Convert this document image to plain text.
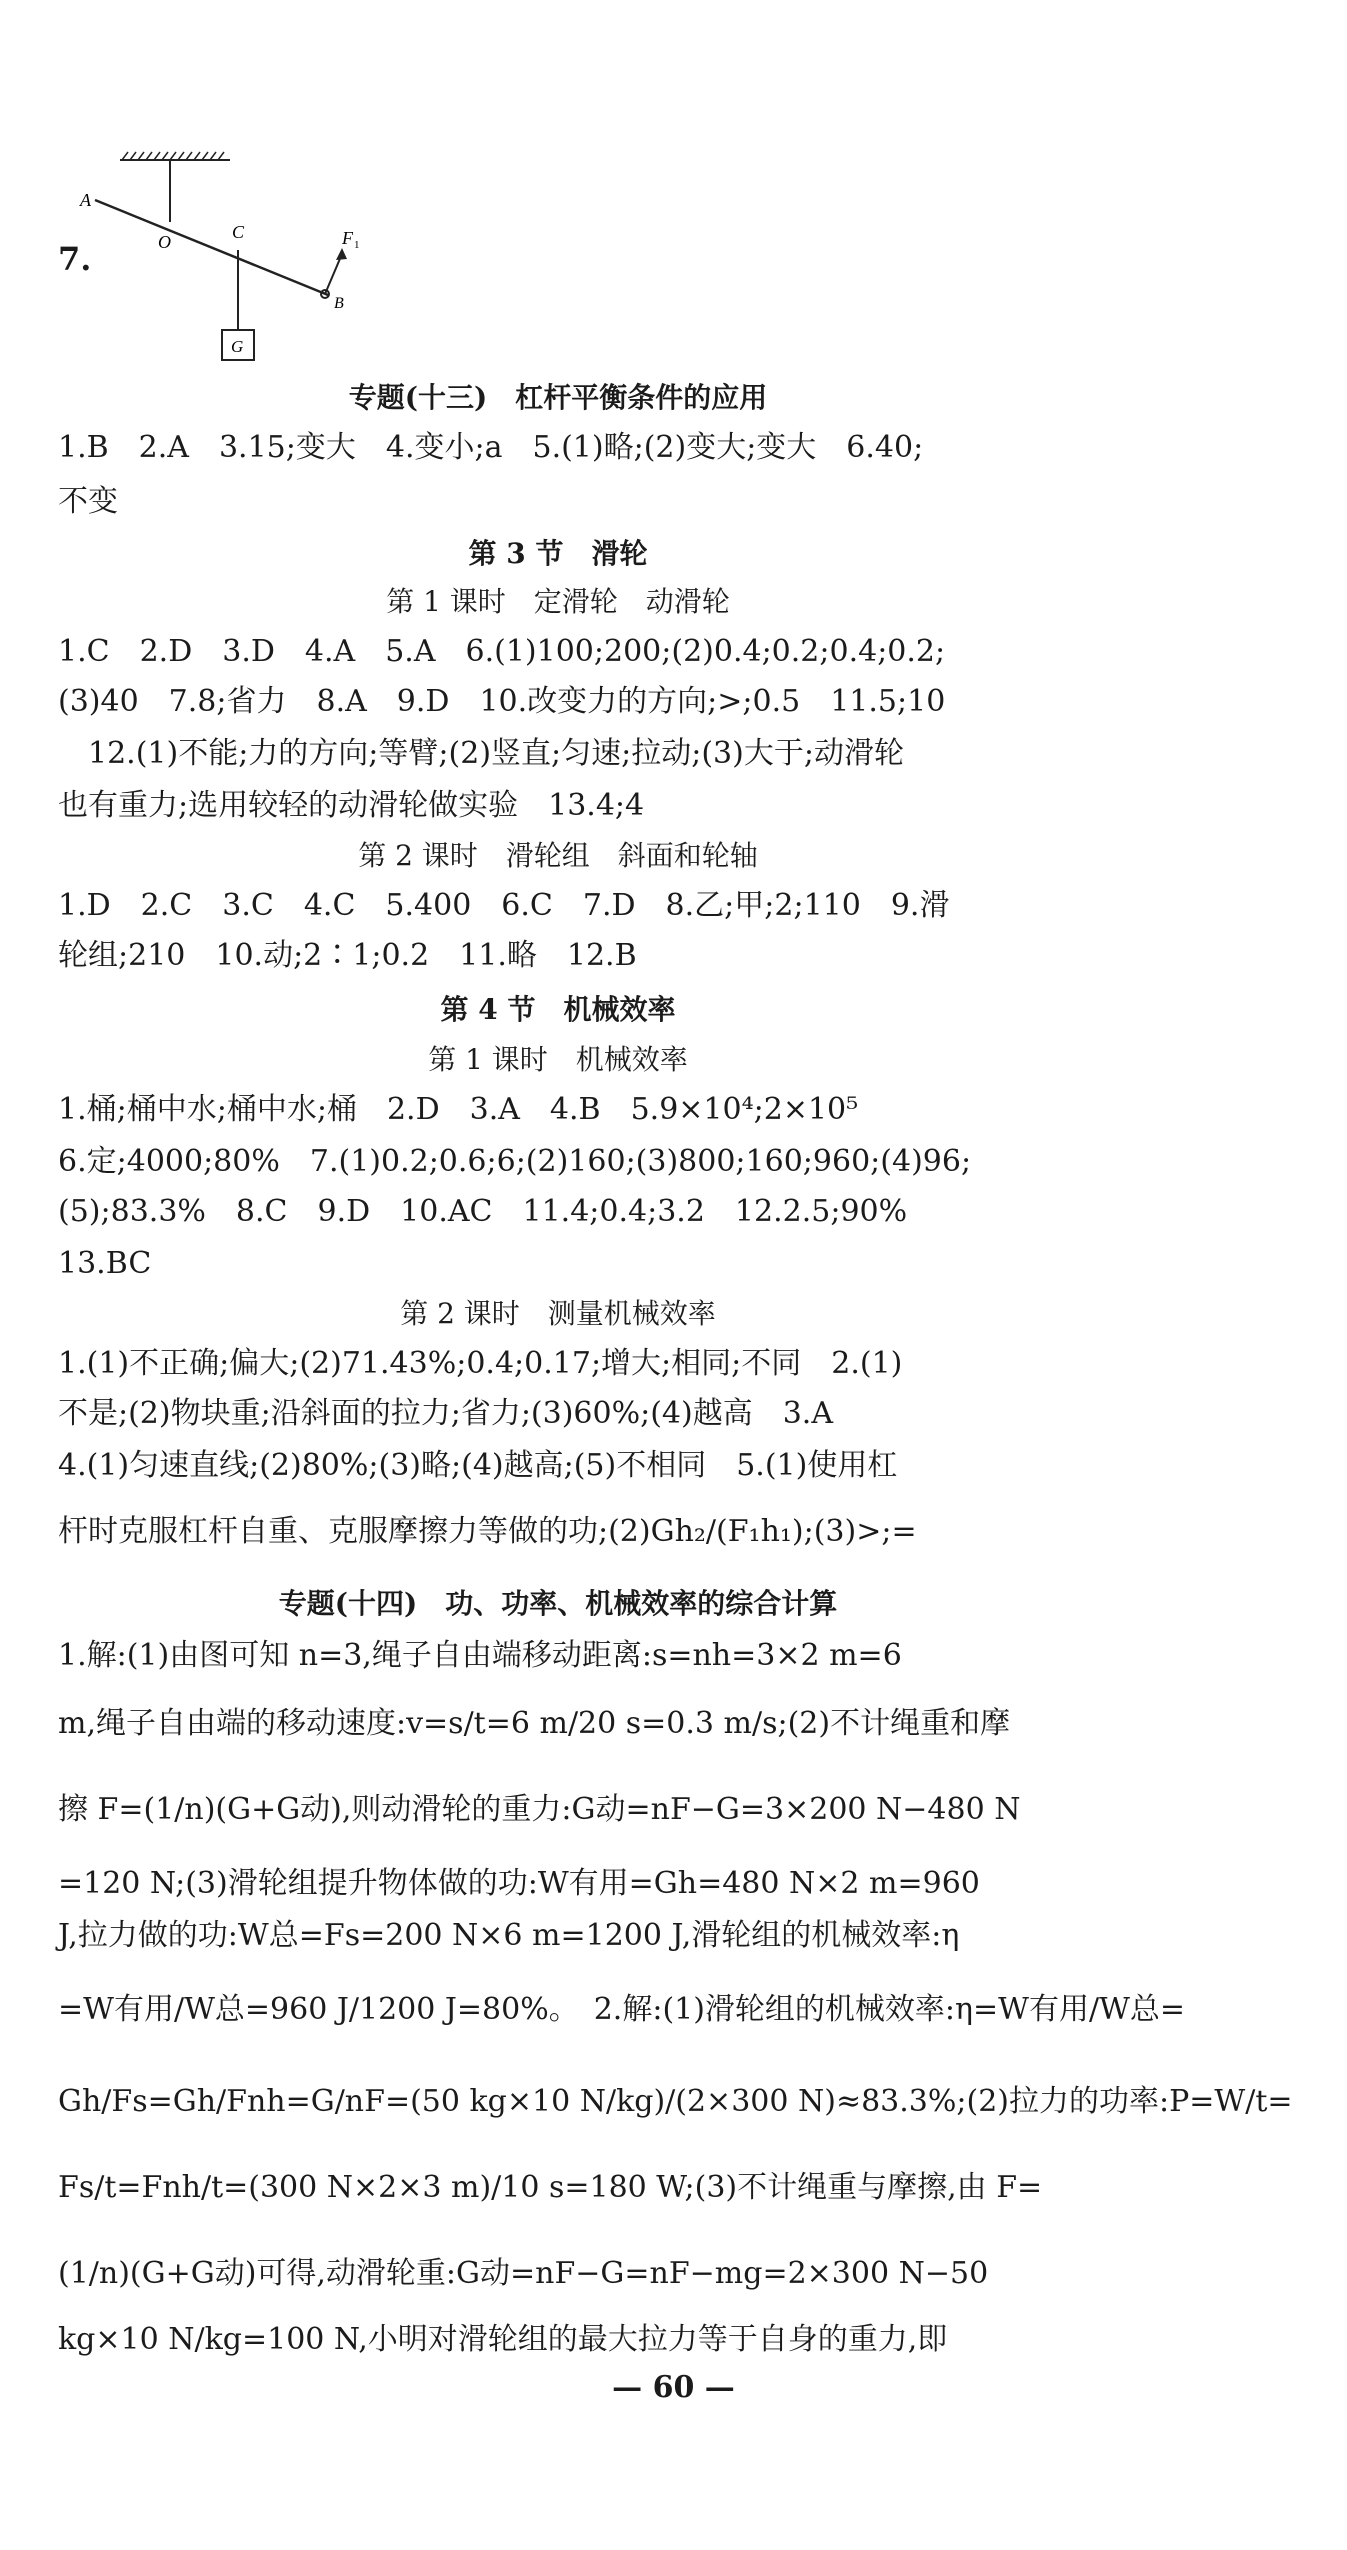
7.
A
O	C	F 1
B
G
专题(十三)　杠杆平衡条件的应用
1.B　2.A　3.15;变大　4.变小;a　5.(1)略;(2)变大;变大　6.40;
不变
第 3 节　滑轮
第 1 课时　定滑轮　动滑轮
1.C　2.D　3.D　4.A　5.A　6.(1)100;200;(2)0.4;0.2;0.4;0.2;
(3)40　7.8;省力　8.A　9.D　10.改变力的方向;>;0.5　11.5;10
　12.(1)不能;力的方向;等臂;(2)竖直;匀速;拉动;(3)大于;动滑轮
也有重力;选用较轻的动滑轮做实验　13.4;4
第 2 课时　滑轮组　斜面和轮轴
1.D　2.C　3.C　4.C　5.400　6.C　7.D　8.乙;甲;2;110　9.滑
轮组;210　10.动;2∶1;0.2　11.略　12.B
第 4 节　机械效率
第 1 课时　机械效率
1.桶;桶中水;桶中水;桶　2.D　3.A　4.B　5.9×10⁴;2×10⁵
6.定;4000;80%　7.(1)0.2;0.6;6;(2)160;(3)800;160;960;(4)96;
(5);83.3%　8.C　9.D　10.AC　11.4;0.4;3.2　12.2.5;90%
13.BC
第 2 课时　测量机械效率
1.(1)不正确;偏大;(2)71.43%;0.4;0.17;增大;相同;不同　2.(1)
不是;(2)物块重;沿斜面的拉力;省力;(3)60%;(4)越高　3.A
4.(1)匀速直线;(2)80%;(3)略;(4)越高;(5)不相同　5.(1)使用杠
杆时克服杠杆自重、克服摩擦力等做的功;(2)Gh₂/(F₁h₁);(3)>;=
专题(十四)　功、功率、机械效率的综合计算
1.解:(1)由图可知 n=3,绳子自由端移动距离:s=nh=3×2 m=6
m,绳子自由端的移动速度:v=s/t=6 m/20 s=0.3 m/s;(2)不计绳重和摩
擦 F=(1/n)(G+G动),则动滑轮的重力:G动=nF−G=3×200 N−480 N
=120 N;(3)滑轮组提升物体做的功:W有用=Gh=480 N×2 m=960
J,拉力做的功:W总=Fs=200 N×6 m=1200 J,滑轮组的机械效率:η
=W有用/W总=960 J/1200 J=80%。　2.解:(1)滑轮组的机械效率:η=W有用/W总=
Gh/Fs=Gh/Fnh=G/nF=(50 kg×10 N/kg)/(2×300 N)≈83.3%;(2)拉力的功率:P=W/t=
Fs/t=Fnh/t=(300 N×2×3 m)/10 s=180 W;(3)不计绳重与摩擦,由 F=
(1/n)(G+G动)可得,动滑轮重:G动=nF−G=nF−mg=2×300 N−50
kg×10 N/kg=100 N,小明对滑轮组的最大拉力等于自身的重力,即
— 60 —
